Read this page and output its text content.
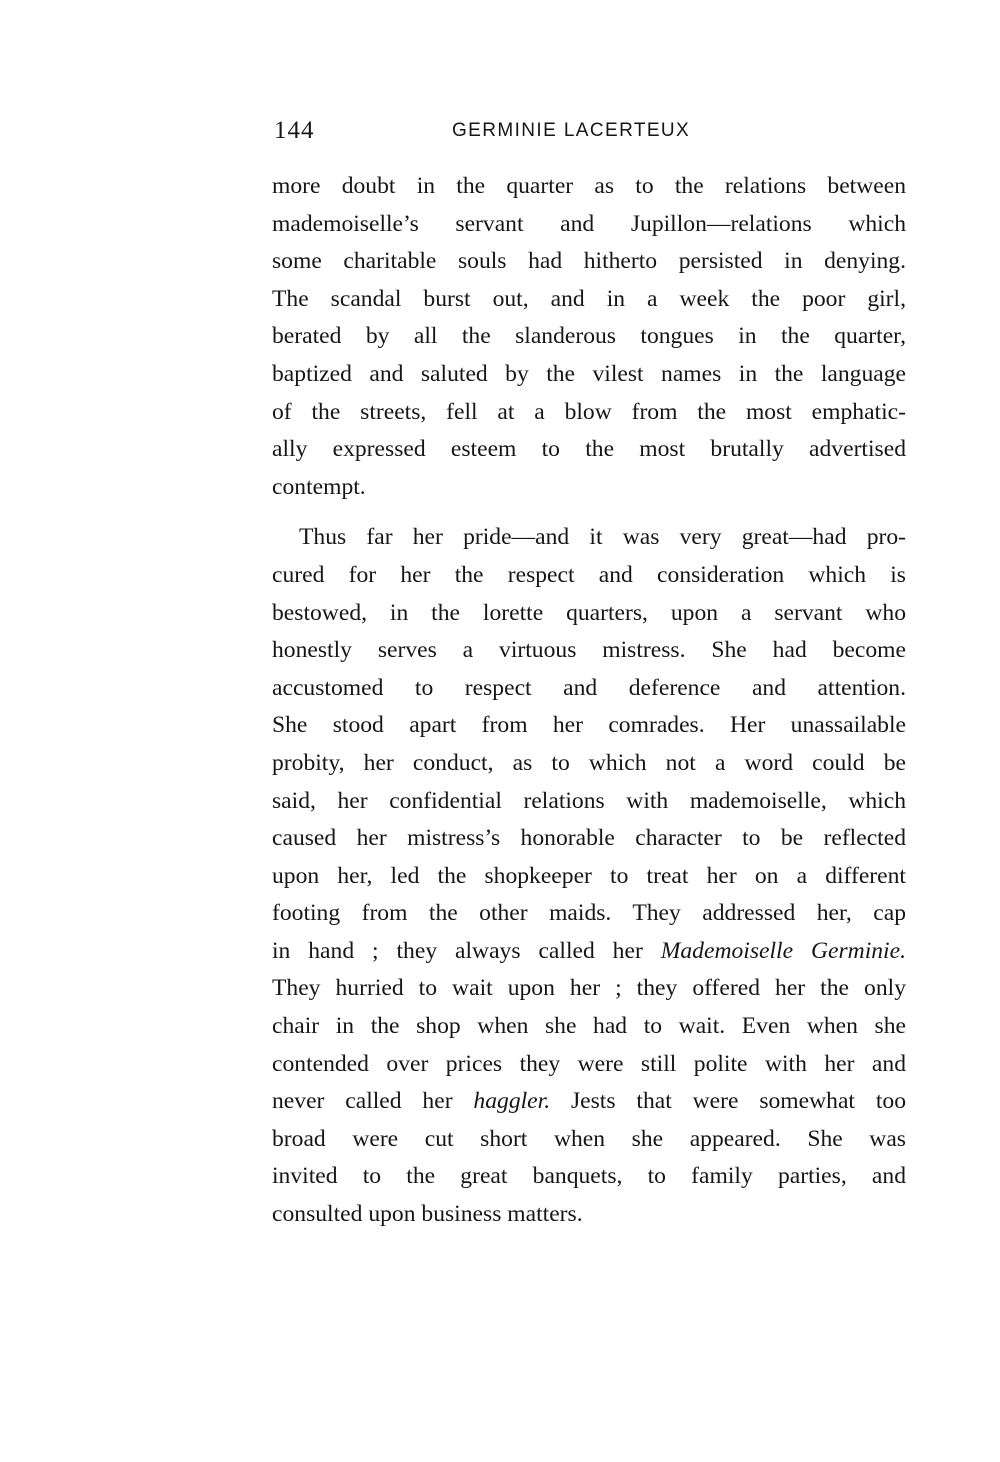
144	GERMINIE LACERTEUX
more doubt in the quarter as to the relations between
mademoiselle’s servant and Jupillon—relations which
some charitable souls had hitherto persisted in denying.
The scandal burst out, and in a week the poor girl,
berated by all the slanderous tongues in the quarter,
baptized and saluted by the vilest names in the language
of the streets, fell at a blow from the most emphatic-
ally expressed esteem to the most brutally advertised
contempt.
Thus far her pride—and it was very great—had pro-
cured for her the respect and consideration which is
bestowed, in the lorette quarters, upon a servant who
honestly serves a virtuous mistress. She had become
accustomed to respect and deference and attention.
She stood apart from her comrades. Her unassailable
probity, her conduct, as to which not a word could be
said, her confidential relations with mademoiselle, which
caused her mistress’s honorable character to be reflected
upon her, led the shopkeeper to treat her on a different
footing from the other maids. They addressed her, cap
in hand ; they always called her Mademoiselle Germinie.
They hurried to wait upon her ; they offered her the only
chair in the shop when she had to wait. Even when she
contended over prices they were still polite with her and
never called her haggler. Jests that were somewhat too
broad were cut short when she appeared. She was
invited to the great banquets, to family parties, and
consulted upon business matters.
